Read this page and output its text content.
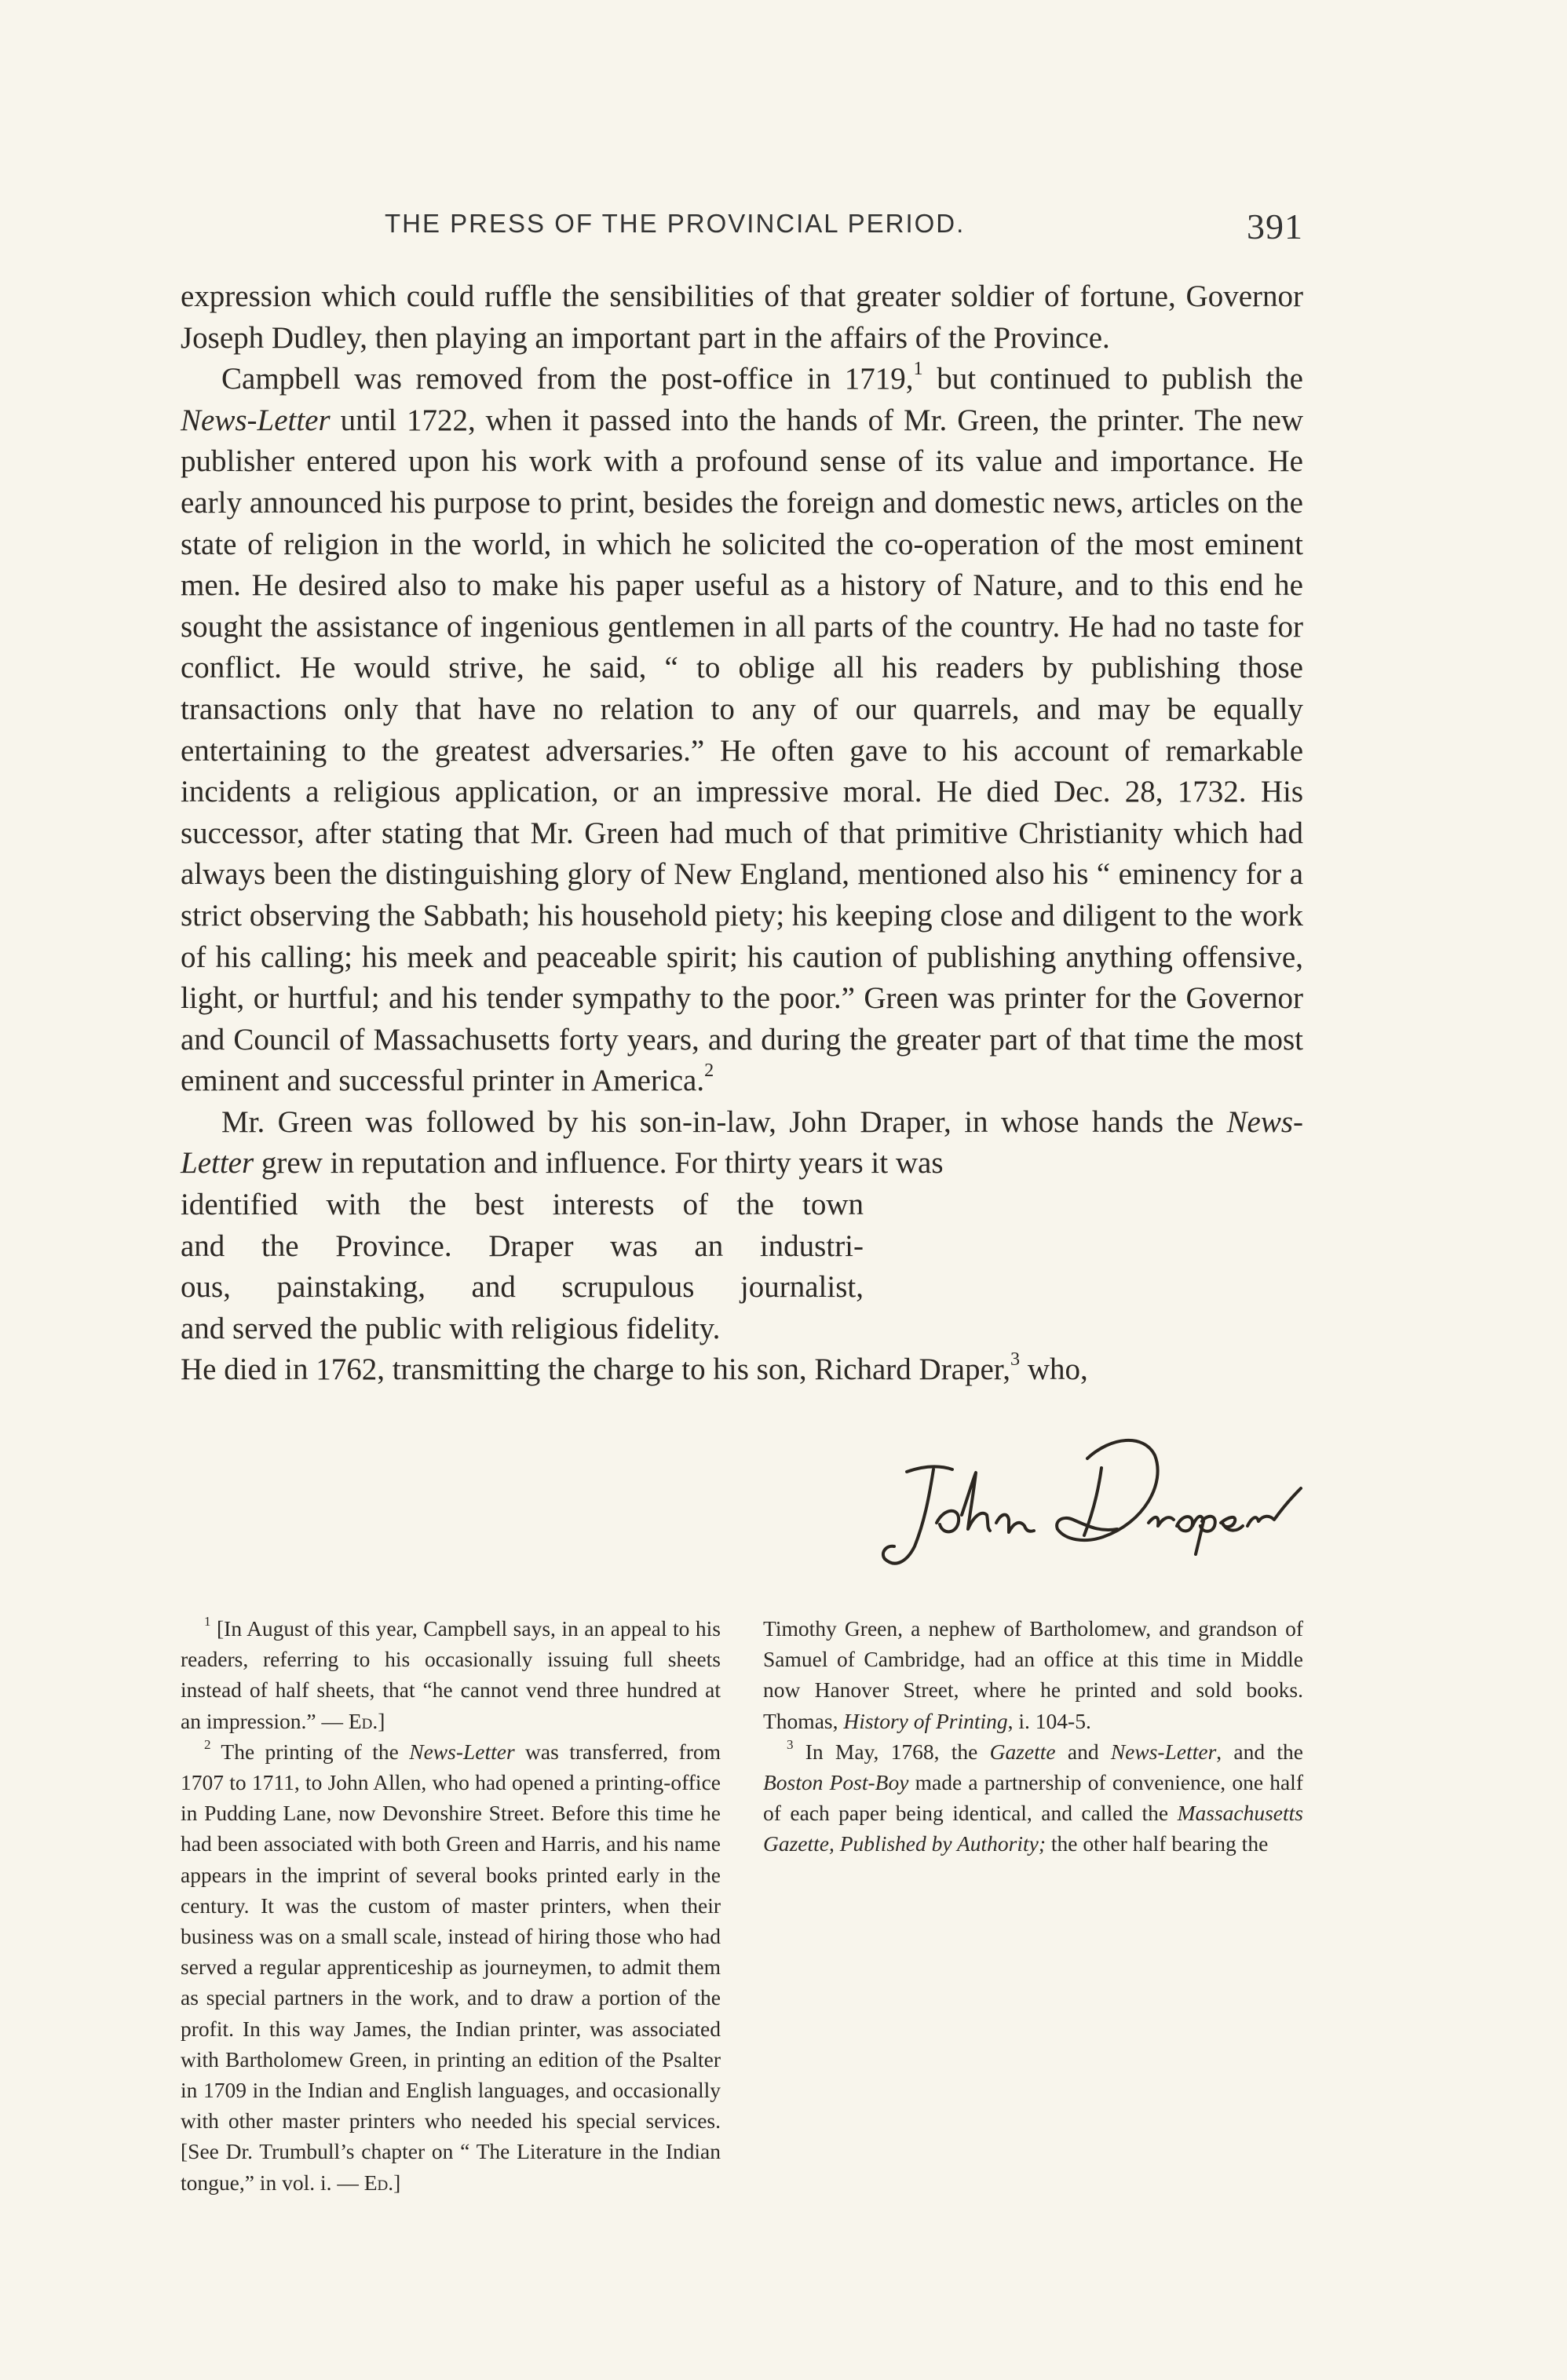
THE PRESS OF THE PROVINCIAL PERIOD.	391

expression which could ruffle the sensibilities of that greater soldier of fortune, Governor Joseph Dudley, then playing an important part in the affairs of the Province.

Campbell was removed from the post-office in 1719,$^1$ but continued to publish the News-Letter until 1722, when it passed into the hands of Mr. Green, the printer. The new publisher entered upon his work with a profound sense of its value and importance. He early announced his purpose to print, besides the foreign and domestic news, articles on the state of religion in the world, in which he solicited the co-operation of the most eminent men. He desired also to make his paper useful as a history of Nature, and to this end he sought the assistance of ingenious gentlemen in all parts of the country. He had no taste for conflict. He would strive, he said, “ to oblige all his readers by publishing those transactions only that have no relation to any of our quarrels, and may be equally entertaining to the greatest adversaries.” He often gave to his account of remarkable incidents a religious application, or an impressive moral. He died Dec. 28, 1732. His successor, after stating that Mr. Green had much of that primitive Christianity which had always been the distinguishing glory of New England, mentioned also his “ eminency for a strict observing the Sabbath; his household piety; his keeping close and diligent to the work of his calling; his meek and peaceable spirit; his caution of publishing anything offensive, light, or hurtful; and his tender sympathy to the poor.” Green was printer for the Governor and Council of Massachusetts forty years, and during the greater part of that time the most eminent and successful printer in America.$^2$

Mr. Green was followed by his son-in-law, John Draper, in whose hands the News-Letter grew in reputation and influence. For thirty years it was

identified with the best interests of the town
and the Province. Draper was an industri-
ous, painstaking, and scrupulous journalist,
and served the public with religious fidelity.

He died in 1762, transmitting the charge to his son, Richard Draper,$^3$ who,

$^1$ [In August of this year, Campbell says, in an appeal to his readers, referring to his occasionally issuing full sheets instead of half sheets, that “he cannot vend three hundred at an impression.” — Ed.]

$^2$ The printing of the News-Letter was transferred, from 1707 to 1711, to John Allen, who had opened a printing-office in Pudding Lane, now Devonshire Street. Before this time he had been associated with both Green and Harris, and his name appears in the imprint of several books printed early in the century. It was the custom of master printers, when their business was on a small scale, instead of hiring those who had served a regular apprenticeship as journeymen, to admit them as special partners in the work, and to draw a portion of the profit. In this way James, the Indian printer, was associated with Bartholomew Green, in printing an edition of the Psalter in 1709 in the Indian and English languages, and occasionally with other master printers who needed his special services. [See Dr. Trumbull’s chapter on “ The Literature in the Indian tongue,” in vol. i. — Ed.]

Timothy Green, a nephew of Bartholomew, and grandson of Samuel of Cambridge, had an office at this time in Middle now Hanover Street, where he printed and sold books. Thomas, History of Printing, i. 104-5.

$^3$ In May, 1768, the Gazette and News-Letter, and the Boston Post-Boy made a partnership of convenience, one half of each paper being identical, and called the Massachusetts Gazette, Published by Authority; the other half bearing the
